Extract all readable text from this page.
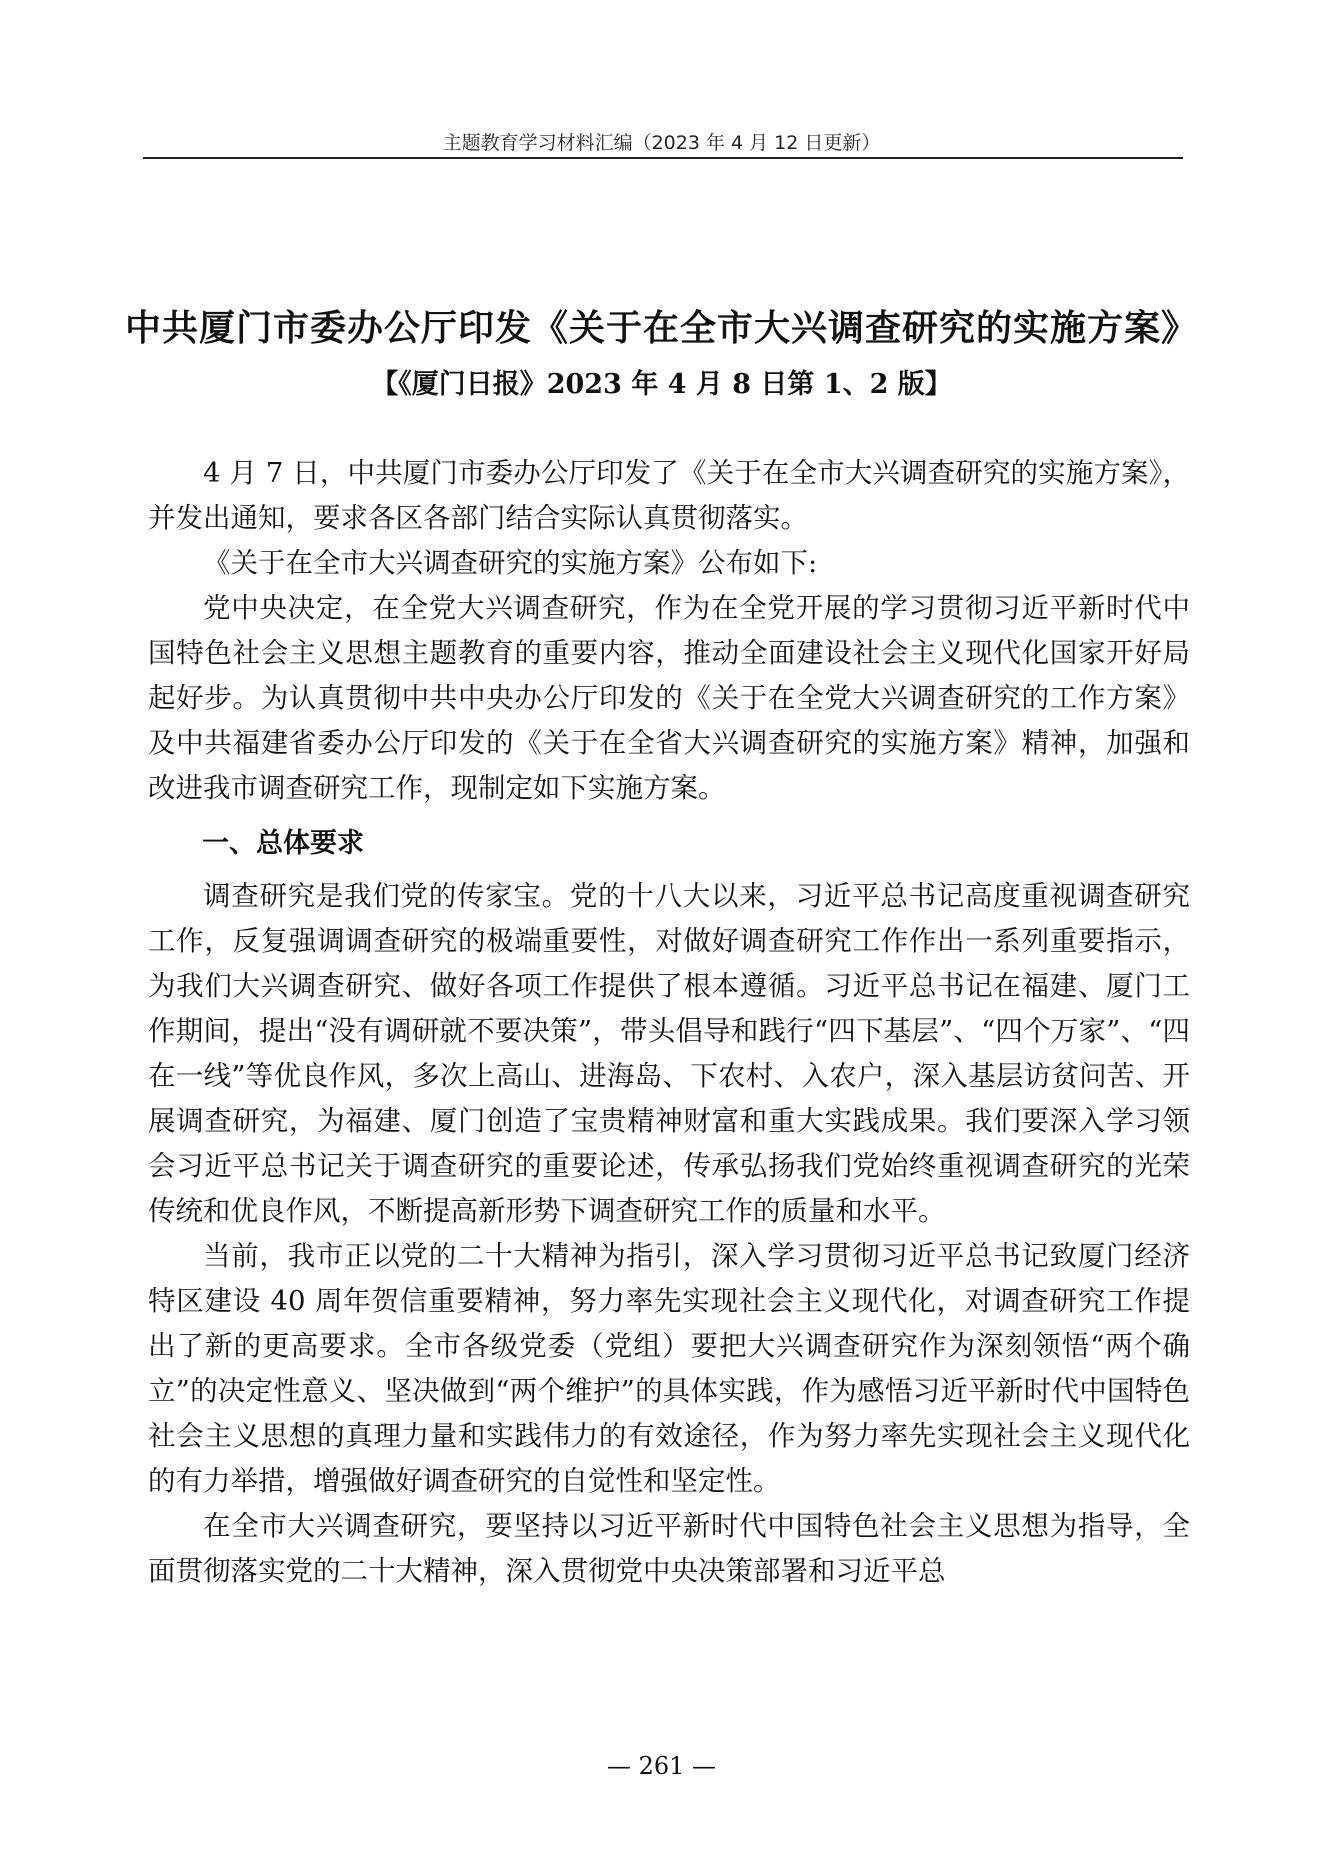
主题教育学习材料汇编（2023 年 4 月 12 日更新）
中共厦门市委办公厅印发《关于在全市大兴调查研究的实施方案》
【《厦门日报》2023 年 4 月 8 日第 1、2 版】

4 月 7 日，中共厦门市委办公厅印发了《关于在全市大兴调查研究的实施方案》，并发出通知，要求各区各部门结合实际认真贯彻落实。

《关于在全市大兴调查研究的实施方案》公布如下:

党中央决定，在全党大兴调查研究，作为在全党开展的学习贯彻习近平新时代中国特色社会主义思想主题教育的重要内容，推动全面建设社会主义现代化国家开好局起好步。为认真贯彻中共中央办公厅印发的《关于在全党大兴调查研究的工作方案》及中共福建省委办公厅印发的《关于在全省大兴调查研究的实施方案》精神，加强和改进我市调查研究工作，现制定如下实施方案。

一、总体要求

调查研究是我们党的传家宝。党的十八大以来，习近平总书记高度重视调查研究工作，反复强调调查研究的极端重要性，对做好调查研究工作作出一系列重要指示，为我们大兴调查研究、做好各项工作提供了根本遵循。习近平总书记在福建、厦门工作期间，提出“没有调研就不要决策”，带头倡导和践行“四下基层”、“四个万家”、“四在一线”等优良作风，多次上高山、进海岛、下农村、入农户，深入基层访贫问苦、开展调查研究，为福建、厦门创造了宝贵精神财富和重大实践成果。我们要深入学习领会习近平总书记关于调查研究的重要论述，传承弘扬我们党始终重视调查研究的光荣传统和优良作风，不断提高新形势下调查研究工作的质量和水平。

当前，我市正以党的二十大精神为指引，深入学习贯彻习近平总书记致厦门经济特区建设 40 周年贺信重要精神，努力率先实现社会主义现代化，对调查研究工作提出了新的更高要求。全市各级党委（党组）要把大兴调查研究作为深刻领悟“两个确立”的决定性意义、坚决做到“两个维护”的具体实践，作为感悟习近平新时代中国特色社会主义思想的真理力量和实践伟力的有效途径，作为努力率先实现社会主义现代化的有力举措，增强做好调查研究的自觉性和坚定性。

在全市大兴调查研究，要坚持以习近平新时代中国特色社会主义思想为指导，全面贯彻落实党的二十大精神，深入贯彻党中央决策部署和习近平总

— 261 —
